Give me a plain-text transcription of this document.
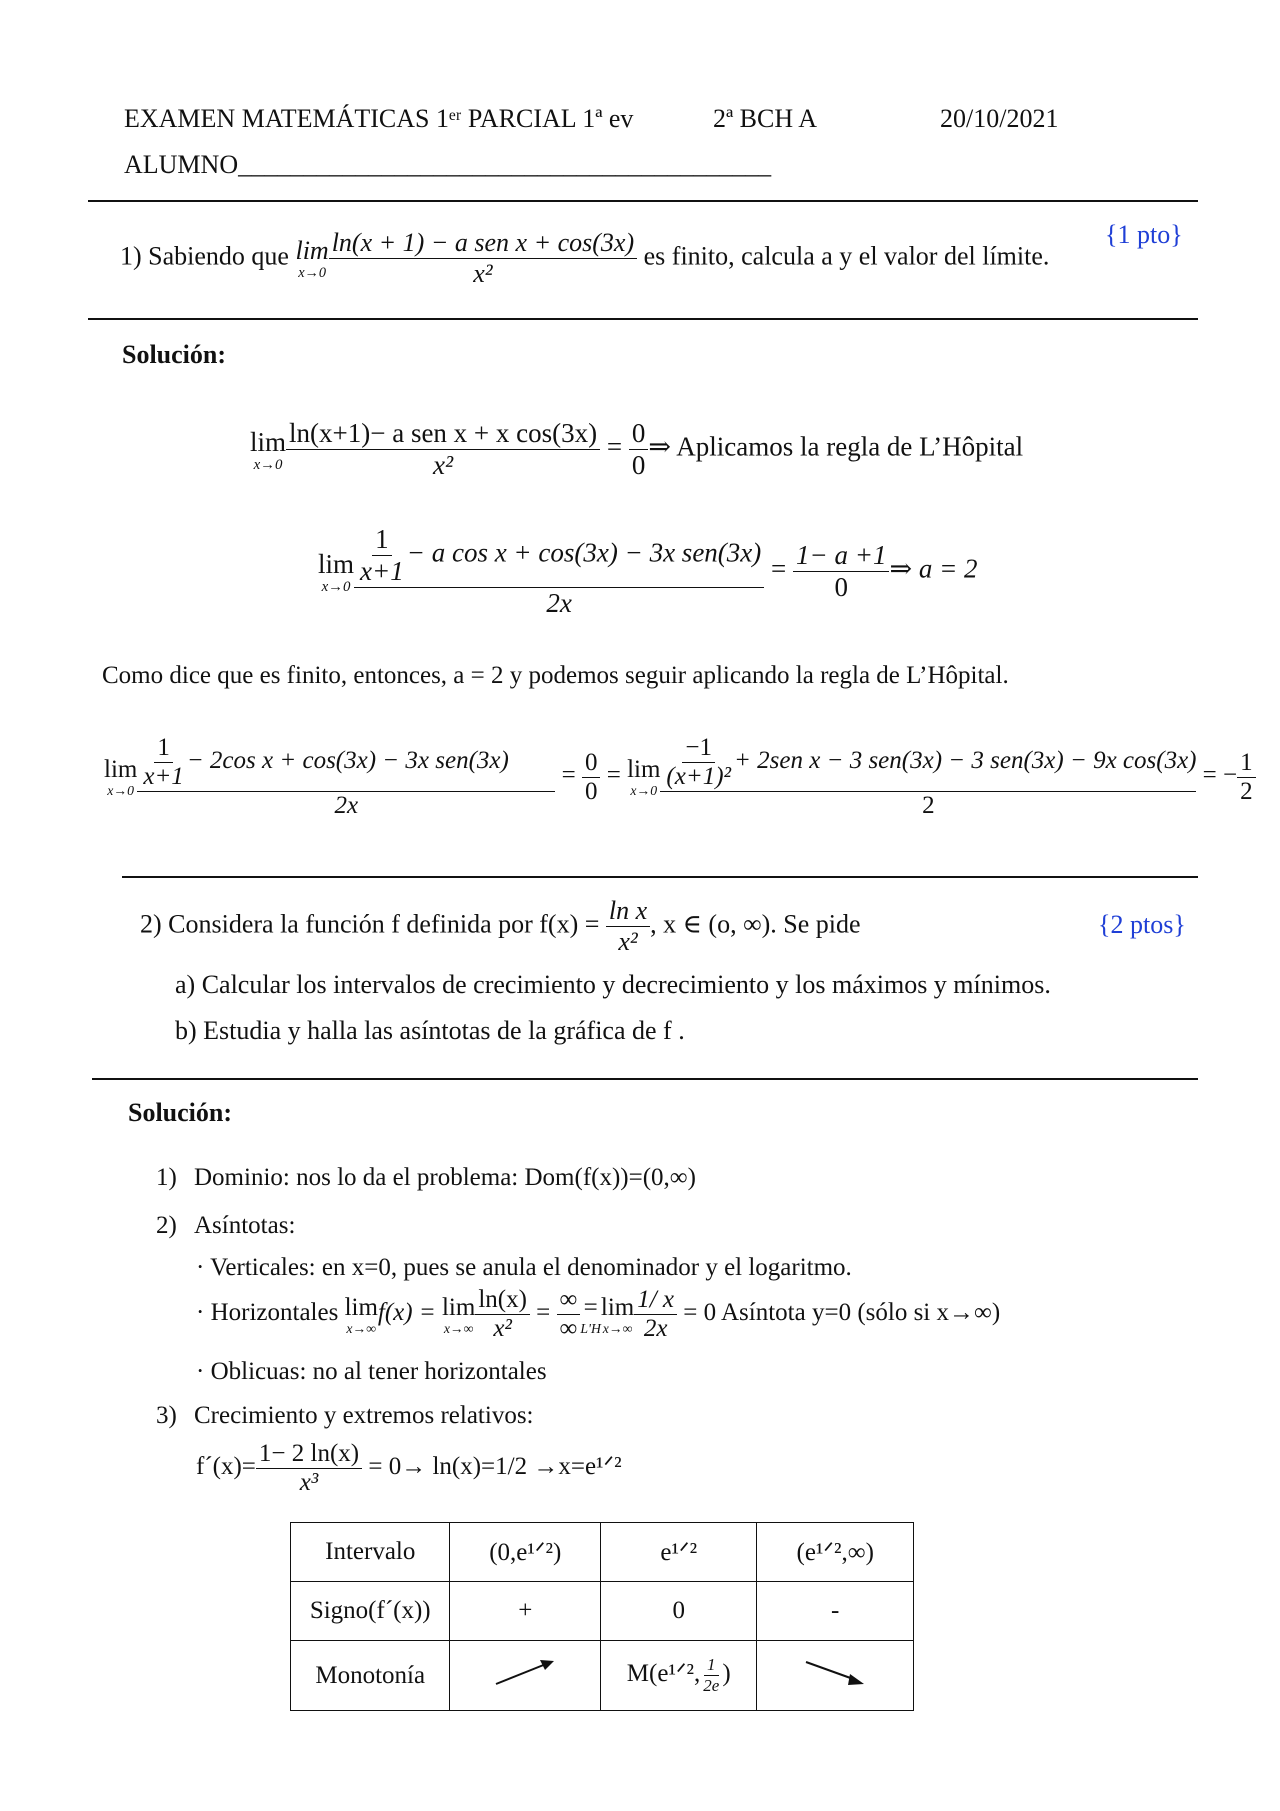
EXAMEN MATEMÁTICAS 1ᵉʳ PARCIAL 1ª ev	2ª BCH A	20/10/2021
ALUMNO_________________________________________
1) Sabiendo que lim
$x\to 0 \frac{\text{ln(x + 1) − a sen x + cos(3x)}}{\text{x²}}$ es finito, calcula a y el valor del límite.
{1 pto}
Solución:
lim
$x\to 0 \frac{\text{ln(x+1)− a sen x + x cos(3x)}}{\text{x²}} = \frac{0}{0}$ ⇒ Aplicamos la regla de L’Hôpital
lim
$x\to 0 \frac{\frac{1}{x+1} - a \cos x + \cos(3x) - 3x sen(3x)}{2x} = \frac{1- a +1}{0}$ ⇒ a = 2
Como dice que es finito, entonces, a = 2 y podemos seguir aplicando la regla de L’Hôpital.
lim
$x\to 0 \frac{\frac{1}{x+1} - 2\cos x + \cos(3x) - 3x sen(3x)}{2x} = \frac{0}{0} = \lim$
$x\to 0 \frac{\frac{-1}{\text{(x+1)²}} + 2sen x - 3 sen(3x) - 3 sen(3x) - 9x \cos(3x)}{2}$ = − $\frac{1}{2}$
2) Considera la función f definida por $f(x) = \frac{\text{ln x}}{\text{x²}}$ , x ∈ (o, ∞). Se pide	{2 ptos}
a) Calcular los intervalos de crecimiento y decrecimiento y los máximos y mínimos.
b) Estudia y halla las asíntotas de la gráfica de f .
Solución:
1) Dominio: nos lo da el problema: Dom(f(x))=(0,∞)
2) Asíntotas:
· Verticales: en x=0, pues se anula el denominador y el logaritmo.
· Horizontales lim
x→∞
f(x) = lim
$x\to\infty \frac{\ln(x)}{\text{x²}} = \frac{\infty}{\infty}$ =
L'H
lim
$x\to\infty \frac{1/ x}{2x} = 0$ Asíntota y=0 (sólo si x→∞)
· Oblicuas: no al tener horizontales
3) Crecimiento y extremos relativos:
f´(x)= $\frac{1- 2 \ln(x)}{\text{x³}} = 0\to \ln(x)=1/2$ →x=e¹ᐟ²
Intervalo	(0,e¹ᐟ²)	e¹ᐟ²	(e¹ᐟ²,∞)
Signo(f´(x))	+	0	-
Monotonía		M(e¹ᐟ², $\frac{1}{2e}$ )	
